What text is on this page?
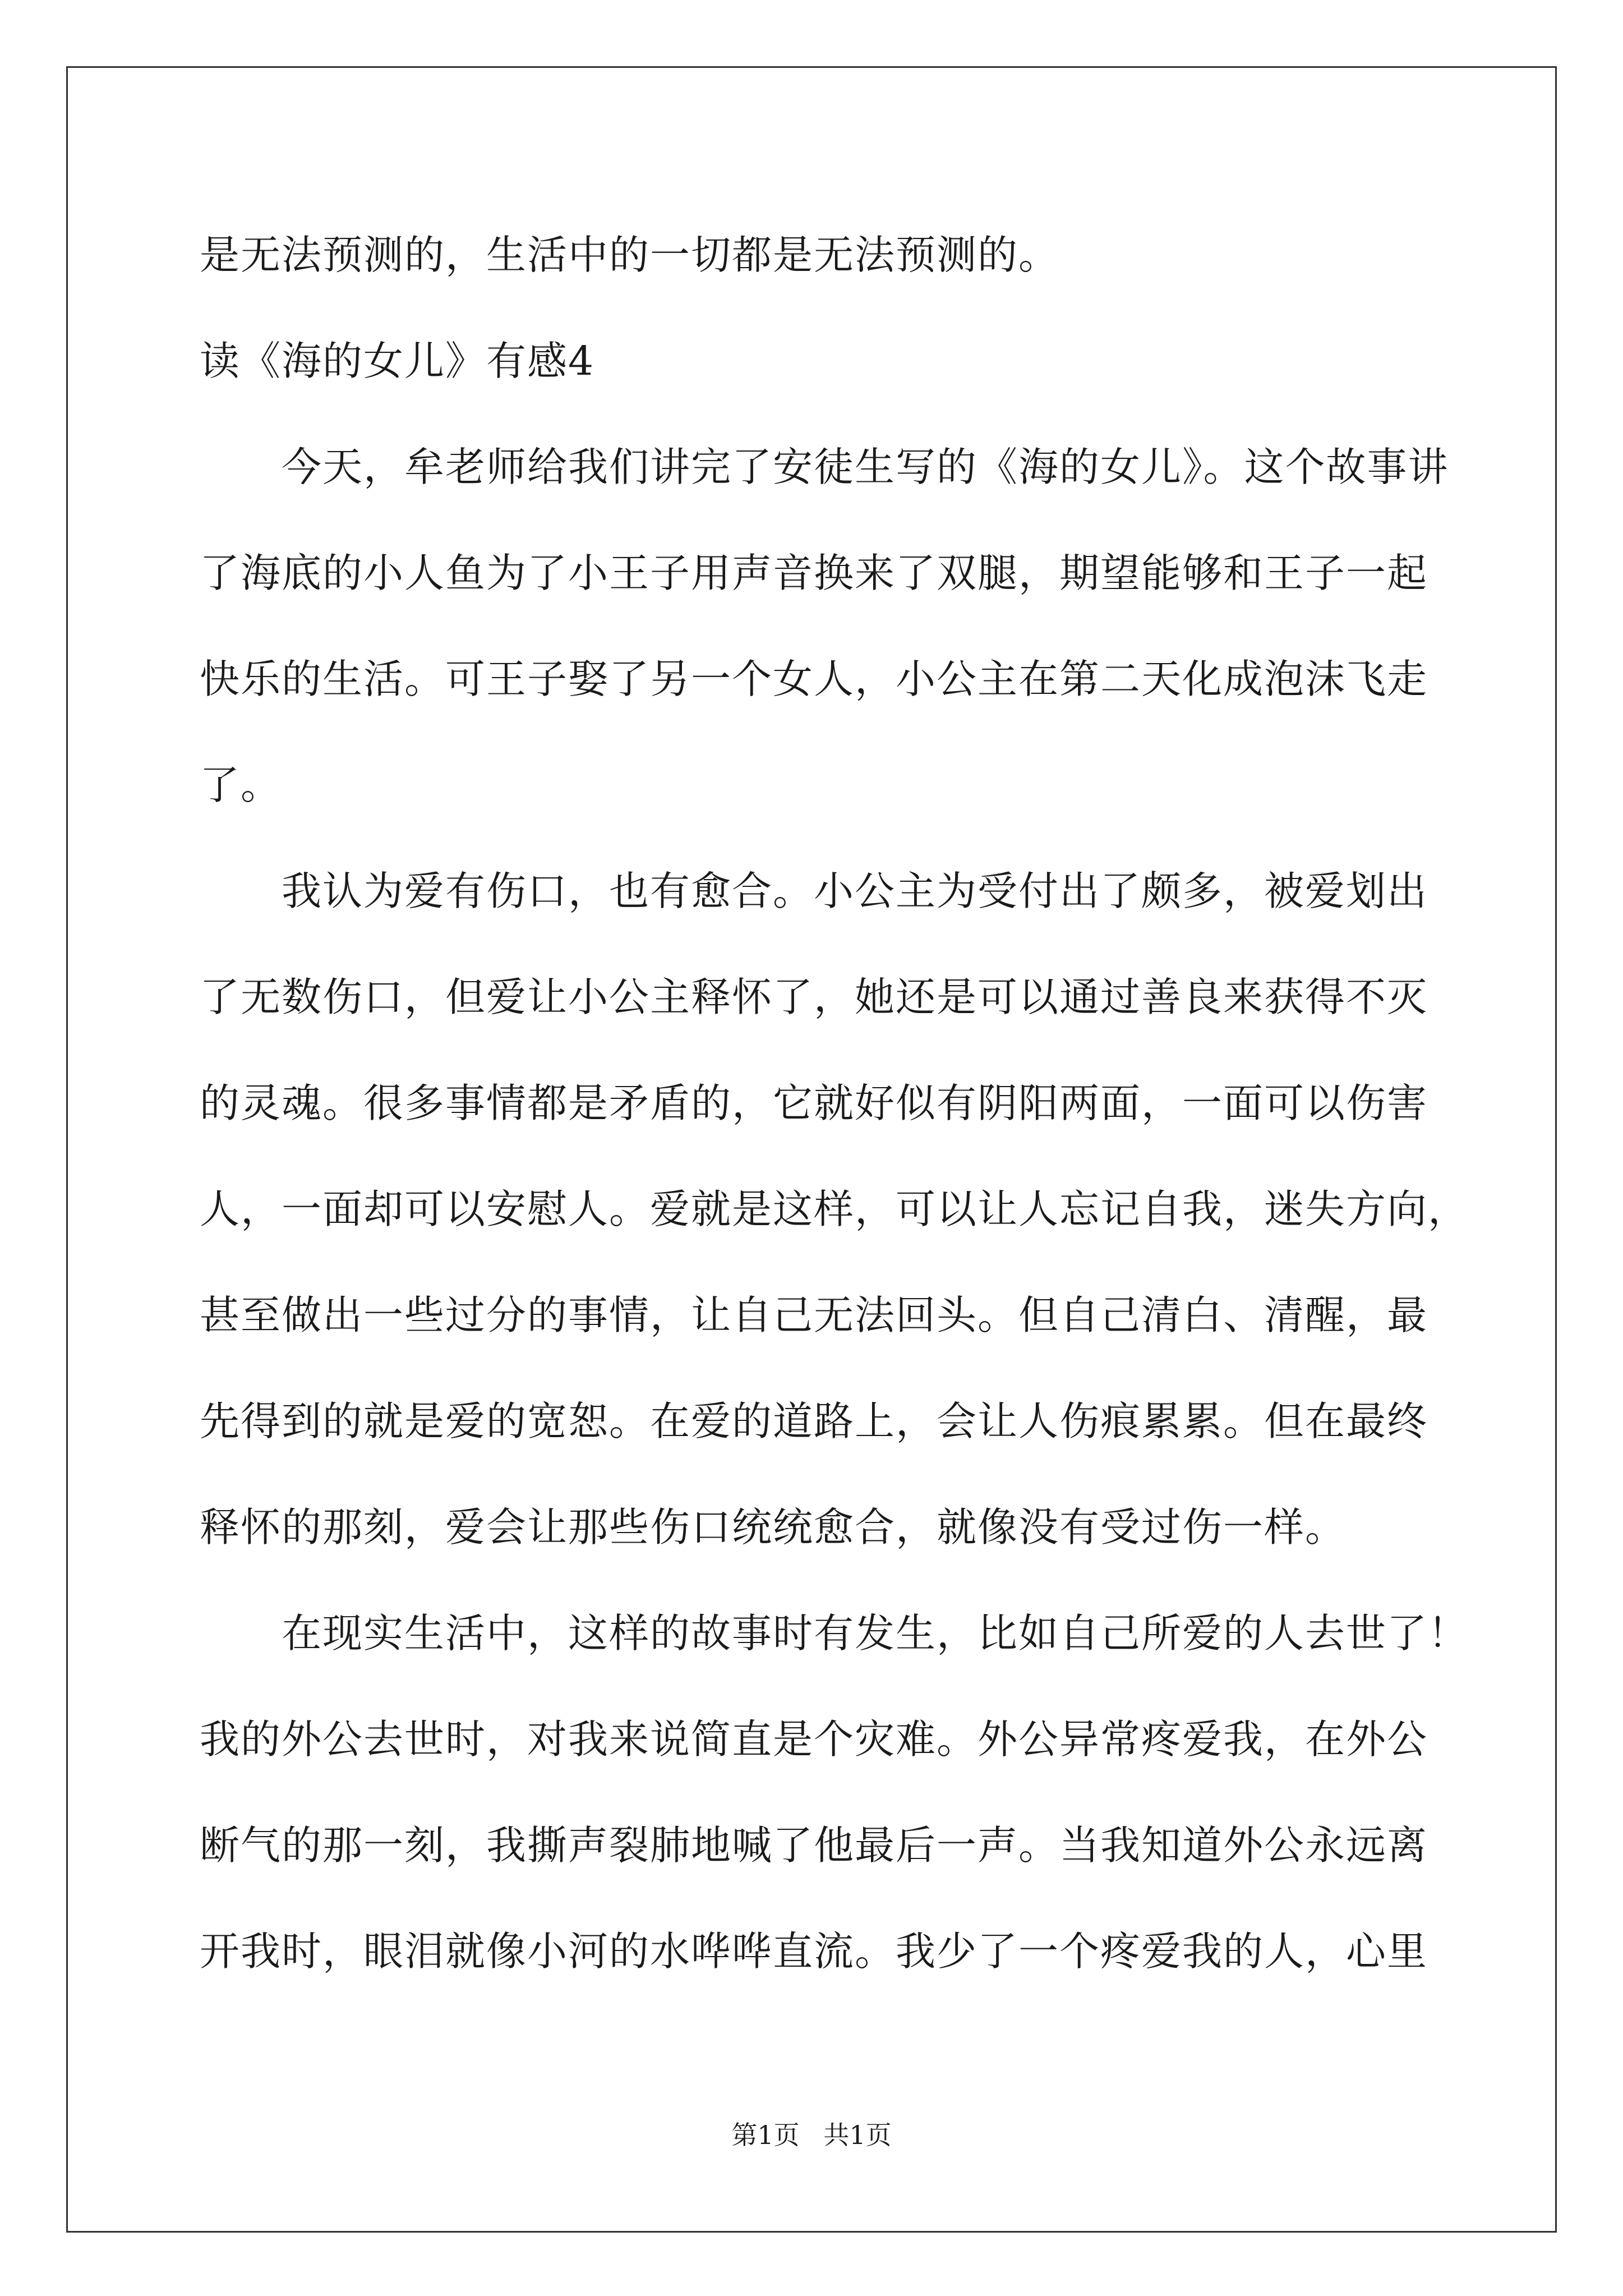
是无法预测的，生活中的一切都是无法预测的。
读《海的女儿》有感4
今天，牟老师给我们讲完了安徒生写的《海的女儿》。这个故事讲
了海底的小人鱼为了小王子用声音换来了双腿，期望能够和王子一起
快乐的生活。可王子娶了另一个女人，小公主在第二天化成泡沫飞走
了。
我认为爱有伤口，也有愈合。小公主为受付出了颇多，被爱划出
了无数伤口，但爱让小公主释怀了，她还是可以通过善良来获得不灭
的灵魂。很多事情都是矛盾的，它就好似有阴阳两面，一面可以伤害
人，一面却可以安慰人。爱就是这样，可以让人忘记自我，迷失方向，
甚至做出一些过分的事情，让自己无法回头。但自己清白、清醒，最
先得到的就是爱的宽恕。在爱的道路上，会让人伤痕累累。但在最终
释怀的那刻，爱会让那些伤口统统愈合，就像没有受过伤一样。
在现实生活中，这样的故事时有发生，比如自己所爱的人去世了！
我的外公去世时，对我来说简直是个灾难。外公异常疼爱我，在外公
断气的那一刻，我撕声裂肺地喊了他最后一声。当我知道外公永远离
开我时，眼泪就像小河的水哗哗直流。我少了一个疼爱我的人，心里
第1页 共1页
